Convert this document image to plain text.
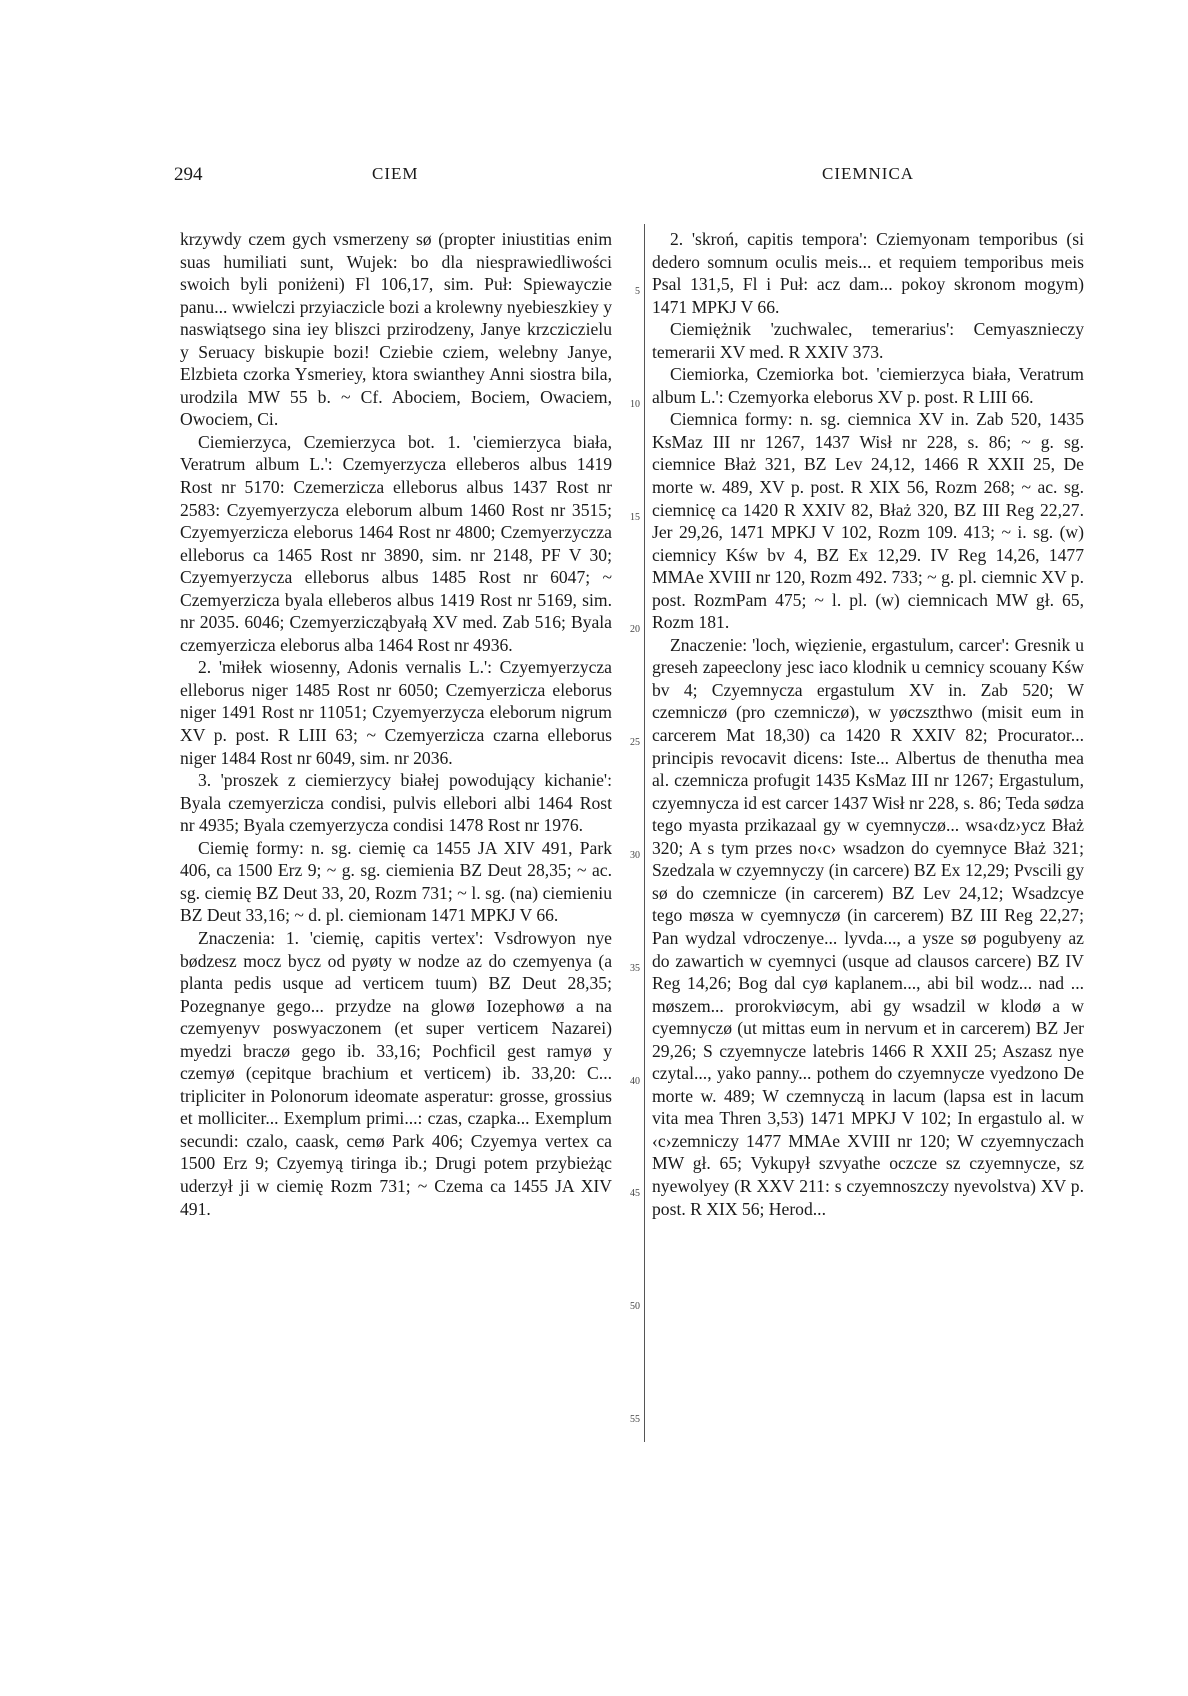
294	CIEM	CIEMNICA

krzywdy czem gych vsmerzeny sø (propter iniustitias enim suas humiliati sunt, Wujek: bo dla niesprawiedliwości swoich byli poniżeni) Fl 106,17, sim. Puł: Spiewayczie panu... wwielczi przyiaczicle bozi a krolewny nyebieszkiey y naswiątsego sina iey bliszci przirodzeny, Janye krzcziczielu y Seruacy biskupie bozi! Cziebie cziem, welebny Janye, Elzbieta czorka Ysmeriey, ktora swianthey Anni siostra bila, urodzila MW 55 b. ~ Cf. Abociem, Bociem, Owaciem, Owociem, Ci.

Ciemierzyca, Czemierzyca bot. 1. 'ciemierzyca biała, Veratrum album L.': Czemyerzycza elleberos albus 1419 Rost nr 5170: Czemerzicza elleborus albus 1437 Rost nr 2583: Czyemyerzycza eleborum album 1460 Rost nr 3515; Czyemyerzicza eleborus 1464 Rost nr 4800; Czemyerzyczza elleborus ca 1465 Rost nr 3890, sim. nr 2148, PF V 30; Czyemyerzycza elleborus albus 1485 Rost nr 6047; ~ Czemyerzicza byala elleberos albus 1419 Rost nr 5169, sim. nr 2035. 6046; Czemyerzicząbyałą XV med. Zab 516; Byala czemyerzicza eleborus alba 1464 Rost nr 4936.

2. 'miłek wiosenny, Adonis vernalis L.': Czyemyerzycza elleborus niger 1485 Rost nr 6050; Czemyerzicza eleborus niger 1491 Rost nr 11051; Czyemyerzycza eleborum nigrum XV p. post. R LIII 63; ~ Czemyerzicza czarna elleborus niger 1484 Rost nr 6049, sim. nr 2036.

3. 'proszek z ciemierzycy białej powodujący kichanie': Byala czemyerzicza condisi, pulvis ellebori albi 1464 Rost nr 4935; Byala czemyerzycza condisi 1478 Rost nr 1976.

Ciemię formy: n. sg. ciemię ca 1455 JA XIV 491, Park 406, ca 1500 Erz 9; ~ g. sg. ciemienia BZ Deut 28,35; ~ ac. sg. ciemię BZ Deut 33, 20, Rozm 731; ~ l. sg. (na) ciemieniu BZ Deut 33,16; ~ d. pl. ciemionam 1471 MPKJ V 66.

Znaczenia: 1. 'ciemię, capitis vertex': Vsdrowyon nye bødzesz mocz bycz od pyøty w nodze az do czemyenya (a planta pedis usque ad verticem tuum) BZ Deut 28,35; Pozegnanye gego... przydze na glowø Iozephowø a na czemyenyv poswyaczonem (et super verticem Nazarei) myedzi braczø gego ib. 33,16; Pochficil gest ramyø y czemyø (cepitque brachium et verticem) ib. 33,20: C... tripliciter in Polonorum ideomate asperatur: grosse, grossius et molliciter... Exemplum primi...: czas, czapka... Exemplum secundi: czalo, caask, cemø Park 406; Czyemya vertex ca 1500 Erz 9; Czyemyą tiringa ib.; Drugi potem przybieżąc uderzył ji w ciemię Rozm 731; ~ Czema ca 1455 JA XIV 491.

5
10
15
20
25
30
35
40
45
50
55

2. 'skroń, capitis tempora': Cziemyonam temporibus (si dedero somnum oculis meis... et requiem temporibus meis Psal 131,5, Fl i Puł: acz dam... pokoy skronom mogym) 1471 MPKJ V 66.

Ciemiężnik 'zuchwalec, temerarius': Cemyasznieczy temerarii XV med. R XXIV 373.

Ciemiorka, Czemiorka bot. 'ciemierzyca biała, Veratrum album L.': Czemyorka eleborus XV p. post. R LIII 66.

Ciemnica formy: n. sg. ciemnica XV in. Zab 520, 1435 KsMaz III nr 1267, 1437 Wisł nr 228, s. 86; ~ g. sg. ciemnice Błaż 321, BZ Lev 24,12, 1466 R XXII 25, De morte w. 489, XV p. post. R XIX 56, Rozm 268; ~ ac. sg. ciemnicę ca 1420 R XXIV 82, Błaż 320, BZ III Reg 22,27. Jer 29,26, 1471 MPKJ V 102, Rozm 109. 413; ~ i. sg. (w) ciemnicy Kśw bv 4, BZ Ex 12,29. IV Reg 14,26, 1477 MMAe XVIII nr 120, Rozm 492. 733; ~ g. pl. ciemnic XV p. post. RozmPam 475; ~ l. pl. (w) ciemnicach MW gł. 65, Rozm 181.

Znaczenie: 'loch, więzienie, ergastulum, carcer': Gresnik u greseh zapeeclony jesc iaco klodnik u cemnicy scouany Kśw bv 4; Czyemnycza ergastulum XV in. Zab 520; W czemniczø (pro czemniczø), w yøczszthwo (misit eum in carcerem Mat 18,30) ca 1420 R XXIV 82; Procurator... principis revocavit dicens: Iste... Albertus de thenutha mea al. czemnicza profugit 1435 KsMaz III nr 1267; Ergastulum, czyemnycza id est carcer 1437 Wisł nr 228, s. 86; Teda sødza tego myasta przikazaal gy w cyemnyczø... wsa‹dz›ycz Błaż 320; A s tym przes no‹c› wsadzon do cyemnyce Błaż 321; Szedzala w czyemnyczy (in carcere) BZ Ex 12,29; Pvscili gy sø do czemnicze (in carcerem) BZ Lev 24,12; Wsadzcye tego møsza w cyemnyczø (in carcerem) BZ III Reg 22,27; Pan wydzal vdroczenye... lyvda..., a ysze sø pogubyeny az do zawartich w cyemnyci (usque ad clausos carcere) BZ IV Reg 14,26; Bog dal cyø kaplanem..., abi bil wodz... nad ... møszem... prorokviøcym, abi gy wsadzil w klodø a w cyemnyczø (ut mittas eum in nervum et in carcerem) BZ Jer 29,26; S czyemnycze latebris 1466 R XXII 25; Aszasz nye czytal..., yako panny... pothem do czyemnycze vyedzono De morte w. 489; W czemnyczą in lacum (lapsa est in lacum vita mea Thren 3,53) 1471 MPKJ V 102; In ergastulo al. w ‹c›zemniczy 1477 MMAe XVIII nr 120; W czyemnyczach MW gł. 65; Vykupył szvyathe oczcze sz czyemnycze, sz nyewolyey (R XXV 211: s czyemnoszczy nyevolstva) XV p. post. R XIX 56; Herod...
